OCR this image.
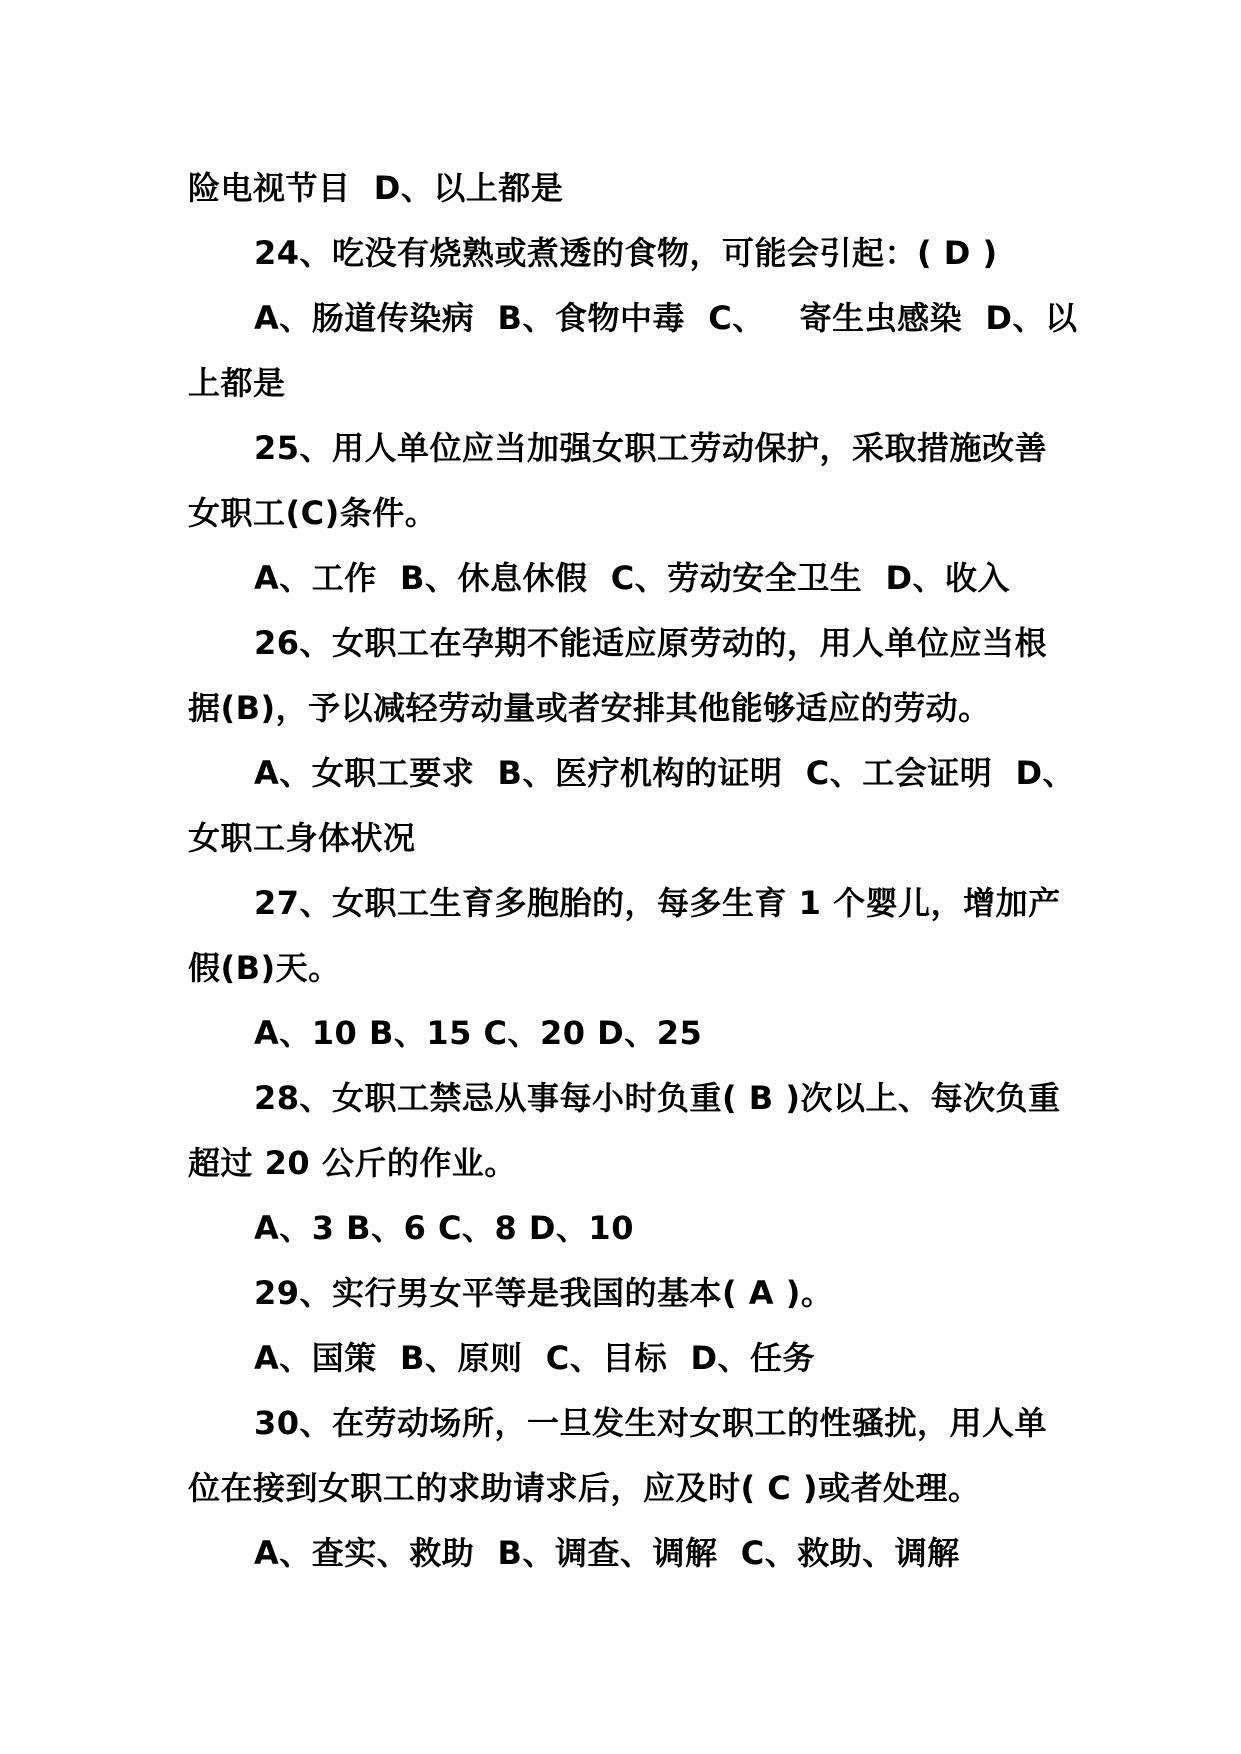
险电视节目  D、以上都是
24、吃没有烧熟或煮透的食物，可能会引起：( D )
A、肠道传染病  B、食物中毒  C、   寄生虫感染  D、以
上都是
25、用人单位应当加强女职工劳动保护，采取措施改善
女职工(C)条件。
A、工作  B、休息休假  C、劳动安全卫生  D、收入
26、女职工在孕期不能适应原劳动的，用人单位应当根
据(B)，予以减轻劳动量或者安排其他能够适应的劳动。
A、女职工要求  B、医疗机构的证明  C、工会证明  D、
女职工身体状况
27、女职工生育多胞胎的，每多生育 1 个婴儿，增加产
假(B)天。
A、10 B、15 C、20 D、25
28、女职工禁忌从事每小时负重( B )次以上、每次负重
超过 20 公斤的作业。
A、3 B、6 C、8 D、10
29、实行男女平等是我国的基本( A )。
A、国策  B、原则  C、目标  D、任务
30、在劳动场所，一旦发生对女职工的性骚扰，用人单
位在接到女职工的求助请求后，应及时( C )或者处理。
A、查实、救助  B、调查、调解  C、救助、调解
